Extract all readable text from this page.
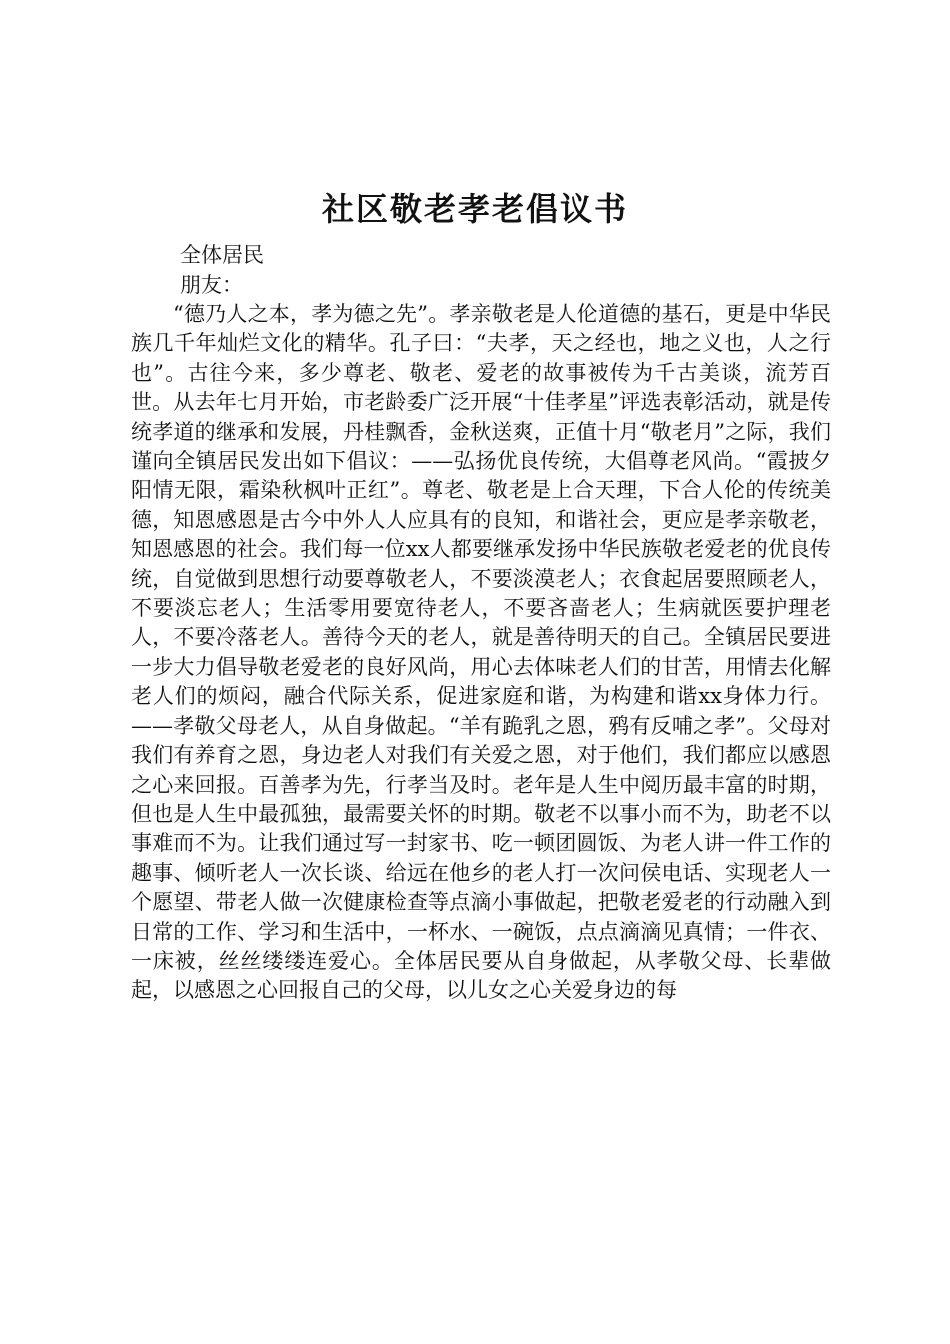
社区敬老孝老倡议书

全体居民

朋友：

“德乃人之本，孝为德之先”。孝亲敬老是人伦道德的基石，更是中华民族几千年灿烂文化的精华。孔子曰：“夫孝，天之经也，地之义也，人之行也”。古往今来，多少尊老、敬老、爱老的故事被传为千古美谈，流芳百世。从去年七月开始，市老龄委广泛开展“十佳孝星”评选表彰活动，就是传统孝道的继承和发展，丹桂飘香，金秋送爽，正值十月“敬老月”之际，我们谨向全镇居民发出如下倡议：——弘扬优良传统，大倡尊老风尚。“霞披夕阳情无限，霜染秋枫叶正红”。尊老、敬老是上合天理，下合人伦的传统美德，知恩感恩是古今中外人人应具有的良知，和谐社会，更应是孝亲敬老，知恩感恩的社会。我们每一位xx人都要继承发扬中华民族敬老爱老的优良传统，自觉做到思想行动要尊敬老人，不要淡漠老人；衣食起居要照顾老人，不要淡忘老人；生活零用要宽待老人，不要吝啬老人；生病就医要护理老人，不要冷落老人。善待今天的老人，就是善待明天的自己。全镇居民要进一步大力倡导敬老爱老的良好风尚，用心去体味老人们的甘苦，用情去化解老人们的烦闷，融合代际关系，促进家庭和谐，为构建和谐xx身体力行。——孝敬父母老人，从自身做起。“羊有跪乳之恩，鸦有反哺之孝”。父母对我们有养育之恩，身边老人对我们有关爱之恩，对于他们，我们都应以感恩之心来回报。百善孝为先，行孝当及时。老年是人生中阅历最丰富的时期，但也是人生中最孤独，最需要关怀的时期。敬老不以事小而不为，助老不以事难而不为。让我们通过写一封家书、吃一顿团圆饭、为老人讲一件工作的趣事、倾听老人一次长谈、给远在他乡的老人打一次问侯电话、实现老人一个愿望、带老人做一次健康检查等点滴小事做起，把敬老爱老的行动融入到日常的工作、学习和生活中，一杯水、一碗饭，点点滴滴见真情；一件衣、一床被，丝丝缕缕连爱心。全体居民要从自身做起，从孝敬父母、长辈做起，以感恩之心回报自己的父母，以儿女之心关爱身边的每
